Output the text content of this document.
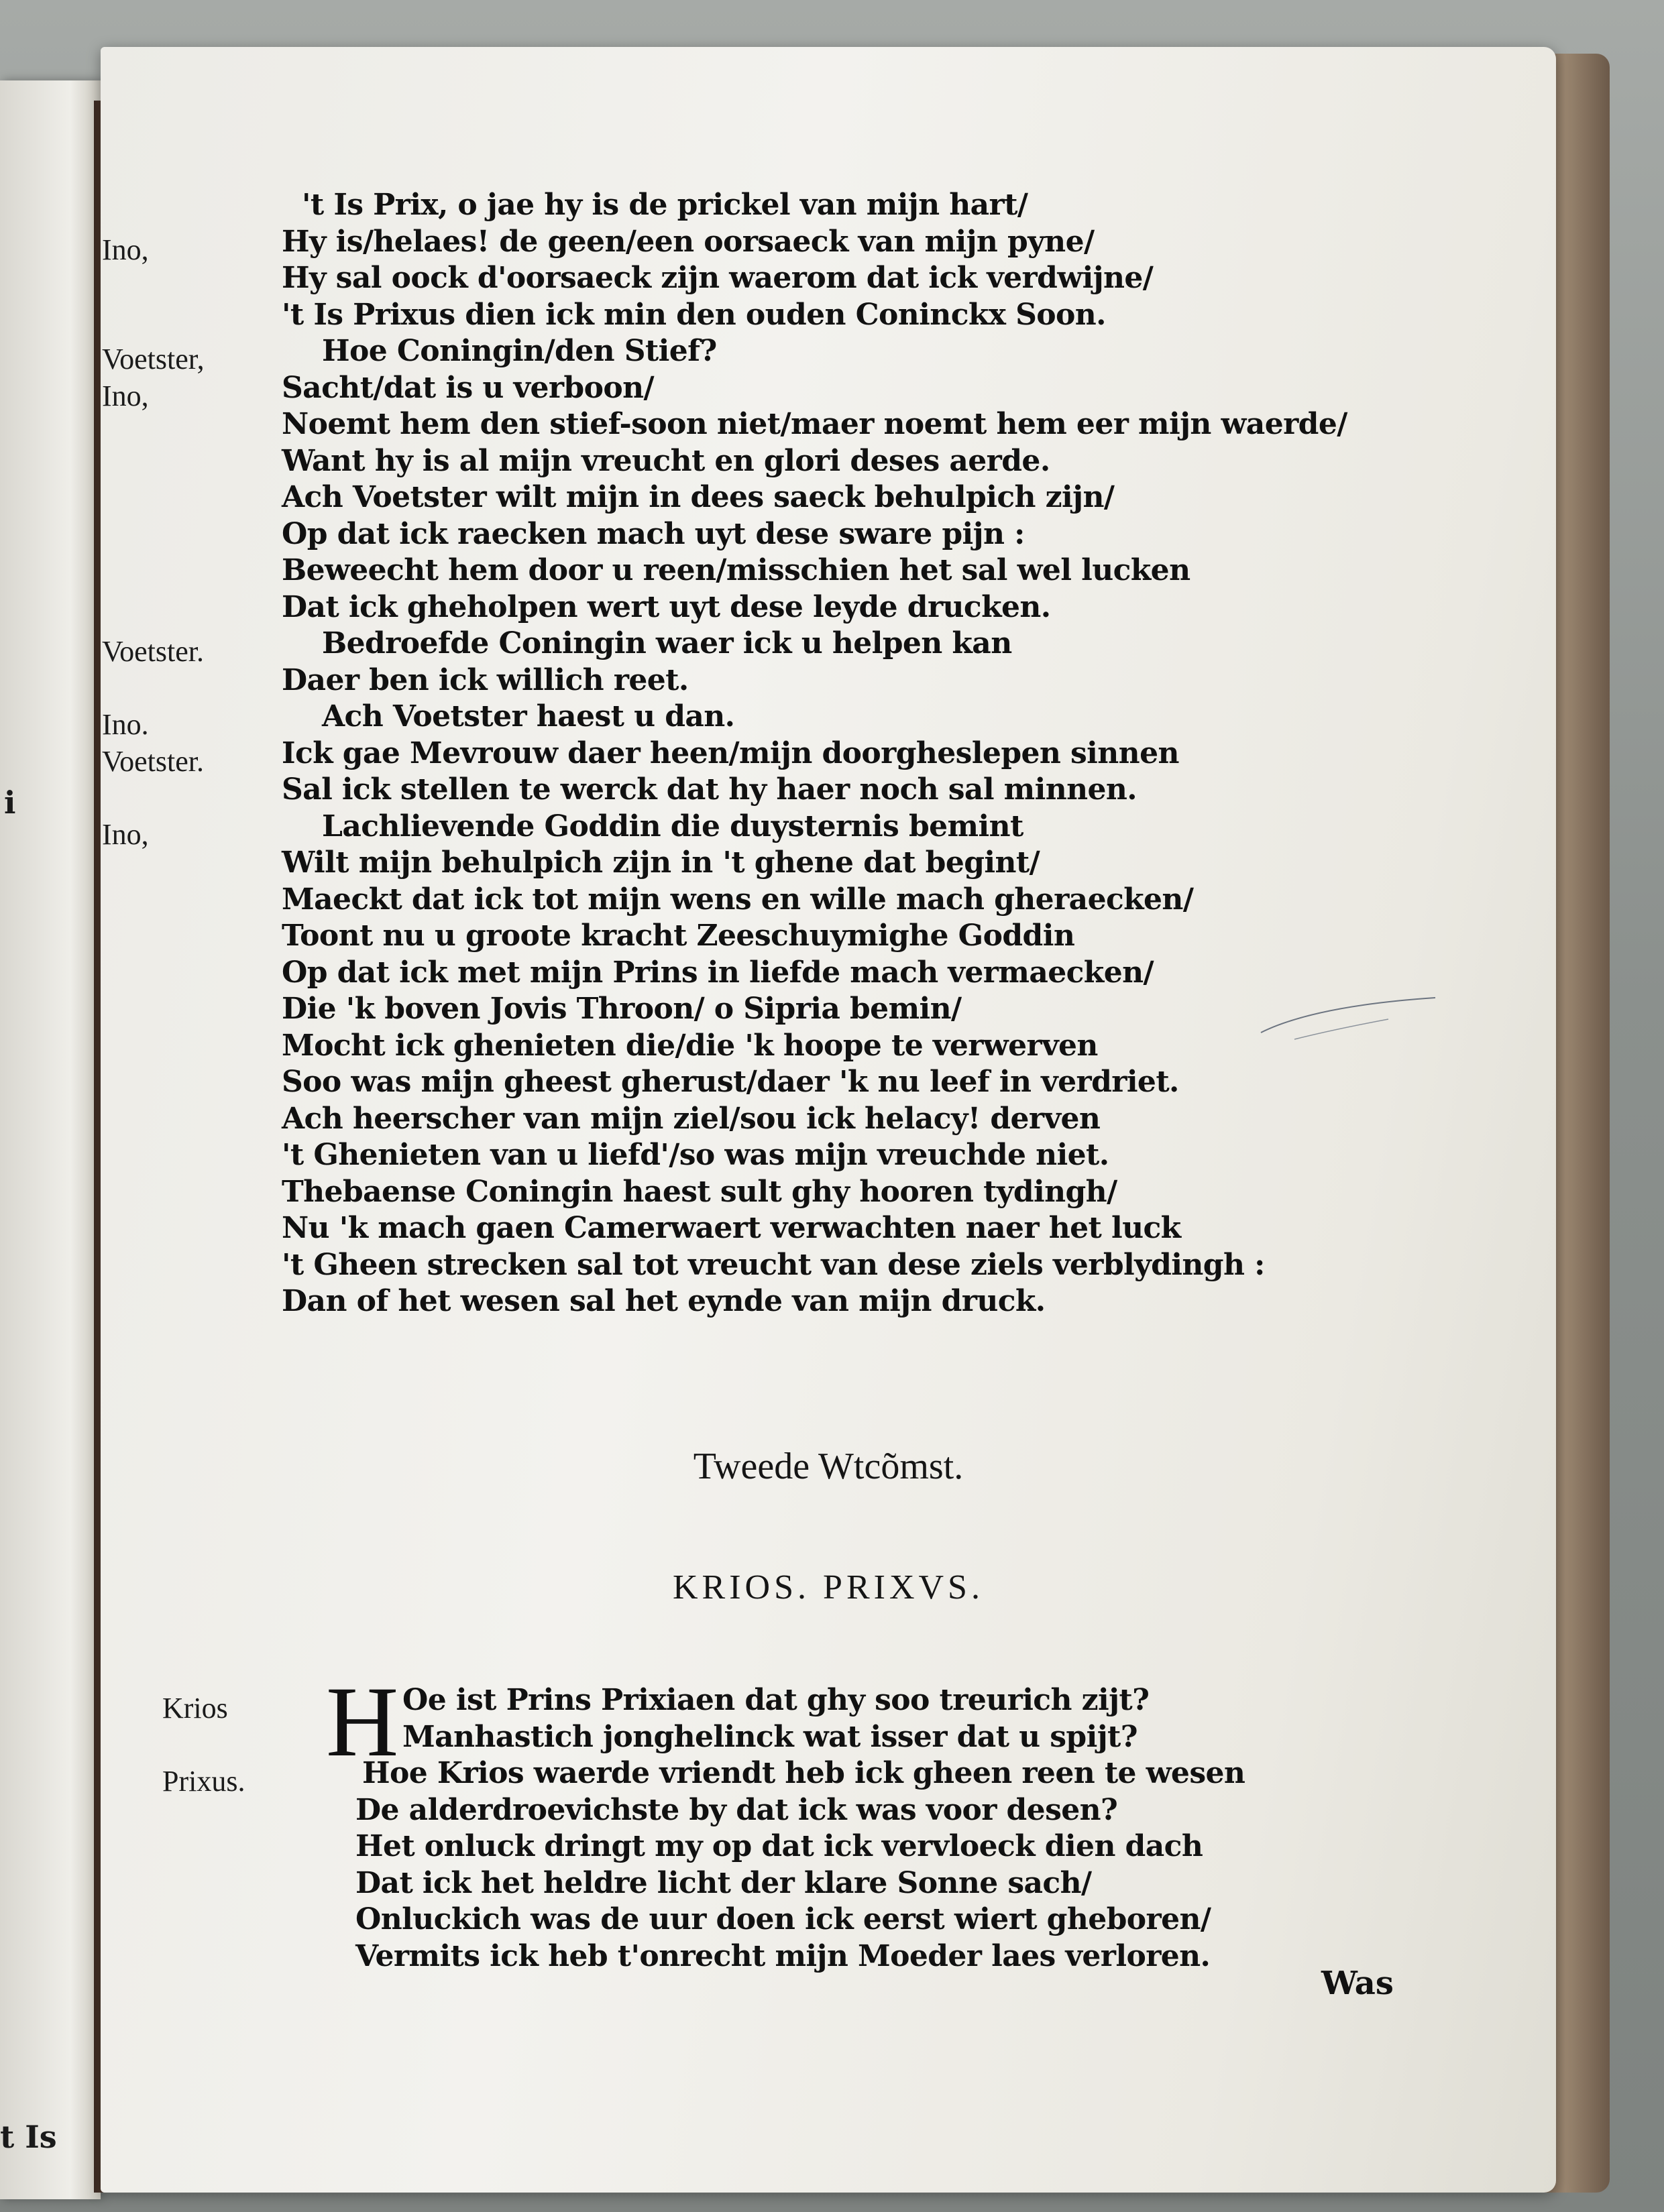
i
t Is
't Is Prix, o jae hy is de prickel van mijn hart/
Ino,	Hy is/helaes! de geen/een oorsaeck van mijn pyne/
Hy sal oock d'oorsaeck zijn waerom dat ick verdwijne/
't Is Prixus dien ick min den ouden Coninckx Soon.
Voetster,	Hoe Coningin/den Stief?
Ino,	Sacht/dat is u verboon/
Noemt hem den stief-soon niet/maer noemt hem eer mijn waerde/
Want hy is al mijn vreucht en glori deses aerde.
Ach Voetster wilt mijn in dees saeck behulpich zijn/
Op dat ick raecken mach uyt dese sware pijn :
Beweecht hem door u reen/misschien het sal wel lucken
Dat ick gheholpen wert uyt dese leyde drucken.
Voetster.	Bedroefde Coningin waer ick u helpen kan
Daer ben ick willich reet.
Ino.	Ach Voetster haest u dan.
Voetster.	Ick gae Mevrouw daer heen/mijn doorgheslepen sinnen
Sal ick stellen te werck dat hy haer noch sal minnen.
Ino,	Lachlievende Goddin die duysternis bemint
Wilt mijn behulpich zijn in 't ghene dat begint/
Maeckt dat ick tot mijn wens en wille mach gheraecken/
Toont nu u groote kracht Zeeschuymighe Goddin
Op dat ick met mijn Prins in liefde mach vermaecken/
Die 'k boven Jovis Throon/ o Sipria bemin/
Mocht ick ghenieten die/die 'k hoope te verwerven
Soo was mijn gheest gherust/daer 'k nu leef in verdriet.
Ach heerscher van mijn ziel/sou ick helacy! derven
't Ghenieten van u liefd'/so was mijn vreuchde niet.
Thebaense Coningin haest sult ghy hooren tydingh/
Nu 'k mach gaen Camerwaert verwachten naer het luck
't Gheen strecken sal tot vreucht van dese ziels verblydingh :
Dan of het wesen sal het eynde van mijn druck.
Tweede Wtcõmst.
KRIOS. PRIXVS.
H
Krios	Oe ist Prins Prixiaen dat ghy soo treurich zijt?
Manhastich jonghelinck wat isser dat u spijt?
Prixus.	Hoe Krios waerde vriendt heb ick gheen reen te wesen
De alderdroevichste by dat ick was voor desen?
Het onluck dringt my op dat ick vervloeck dien dach
Dat ick het heldre licht der klare Sonne sach/
Onluckich was de uur doen ick eerst wiert gheboren/
Vermits ick heb t'onrecht mijn Moeder laes verloren.
Was
